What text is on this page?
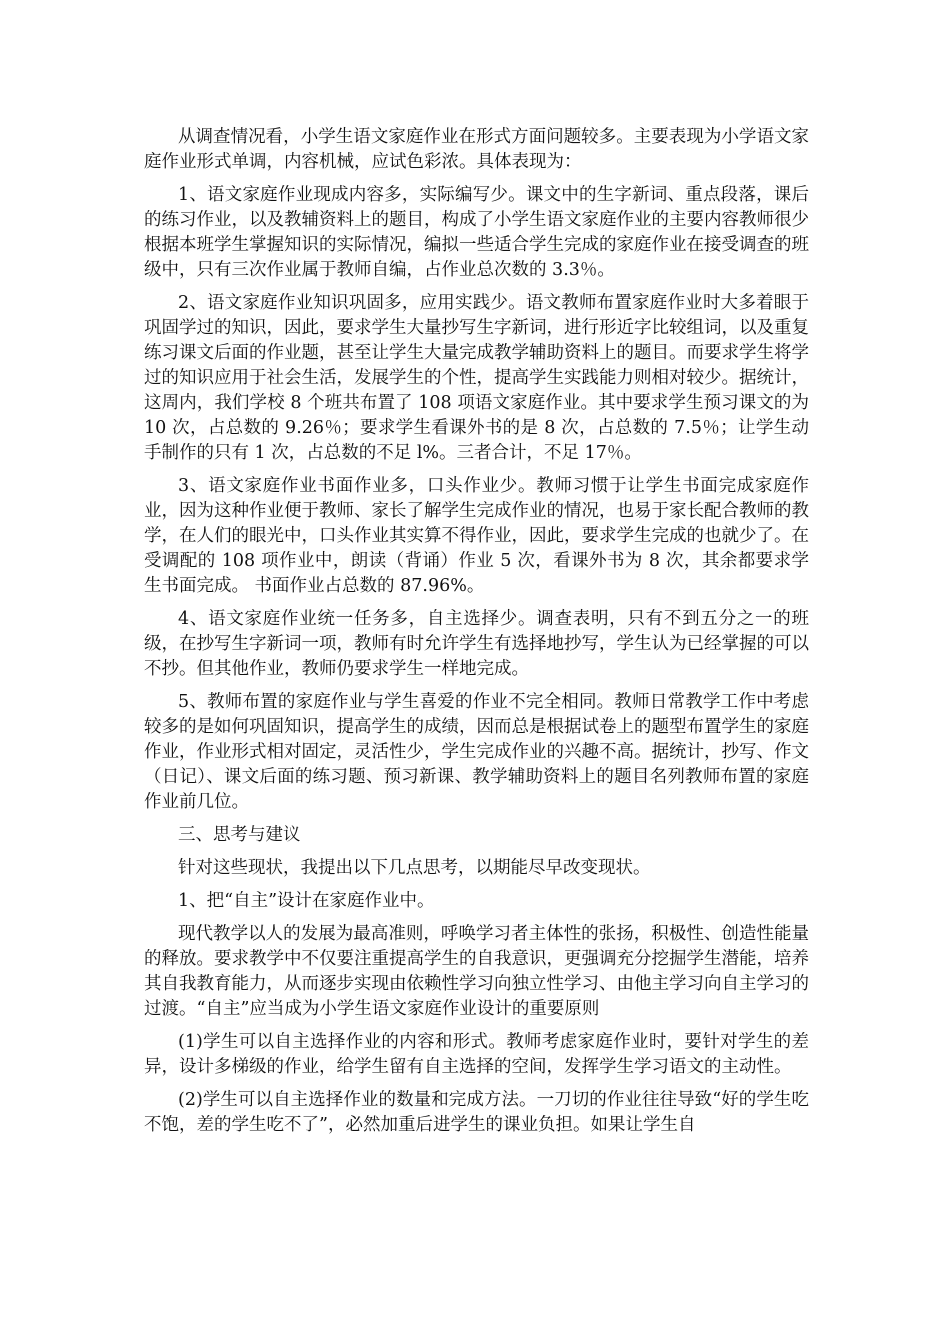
从调查情况看，小学生语文家庭作业在形式方面问题较多。主要表现为小学语文家庭作业形式单调，内容机械，应试色彩浓。具体表现为：

1、语文家庭作业现成内容多，实际编写少。课文中的生字新词、重点段落，课后的练习作业，以及教辅资料上的题目，构成了小学生语文家庭作业的主要内容教师很少根据本班学生掌握知识的实际情况，编拟一些适合学生完成的家庭作业在接受调查的班级中，只有三次作业属于教师自编，占作业总次数的 3.3％。

2、语文家庭作业知识巩固多，应用实践少。语文教师布置家庭作业时大多着眼于巩固学过的知识，因此，要求学生大量抄写生字新词，进行形近字比较组词，以及重复练习课文后面的作业题，甚至让学生大量完成教学辅助资料上的题目。而要求学生将学过的知识应用于社会生活，发展学生的个性，提高学生实践能力则相对较少。据统计，这周内，我们学校 8 个班共布置了 108 项语文家庭作业。其中要求学生预习课文的为 10 次，占总数的 9.26％；要求学生看课外书的是 8 次，占总数的 7.5％；让学生动手制作的只有 1 次，占总数的不足 l%。三者合计，不足 17％。

3、语文家庭作业书面作业多，口头作业少。教师习惯于让学生书面完成家庭作业，因为这种作业便于教师、家长了解学生完成作业的情况，也易于家长配合教师的教学，在人们的眼光中，口头作业其实算不得作业，因此，要求学生完成的也就少了。在受调配的 108 项作业中，朗读（背诵）作业 5 次，看课外书为 8 次，其余都要求学生书面完成。 书面作业占总数的 87.96%。

4、语文家庭作业统一任务多，自主选择少。调查表明，只有不到五分之一的班级，在抄写生字新词一项，教师有时允许学生有选择地抄写，学生认为已经掌握的可以不抄。但其他作业，教师仍要求学生一样地完成。

5、教师布置的家庭作业与学生喜爱的作业不完全相同。教师日常教学工作中考虑较多的是如何巩固知识，提高学生的成绩，因而总是根据试卷上的题型布置学生的家庭作业，作业形式相对固定，灵活性少，学生完成作业的兴趣不高。据统计，抄写、作文（日记）、课文后面的练习题、预习新课、教学辅助资料上的题目名列教师布置的家庭作业前几位。

三、思考与建议

针对这些现状，我提出以下几点思考，以期能尽早改变现状。

1、把“自主”设计在家庭作业中。

现代教学以人的发展为最高准则，呼唤学习者主体性的张扬，积极性、创造性能量的释放。要求教学中不仅要注重提高学生的自我意识，更强调充分挖掘学生潜能，培养其自我教育能力，从而逐步实现由依赖性学习向独立性学习、由他主学习向自主学习的过渡。“自主”应当成为小学生语文家庭作业设计的重要原则

(1)学生可以自主选择作业的内容和形式。教师考虑家庭作业时，要针对学生的差异，设计多梯级的作业，给学生留有自主选择的空间，发挥学生学习语文的主动性。

(2)学生可以自主选择作业的数量和完成方法。一刀切的作业往往导致“好的学生吃不饱，差的学生吃不了”，必然加重后进学生的课业负担。如果让学生自
